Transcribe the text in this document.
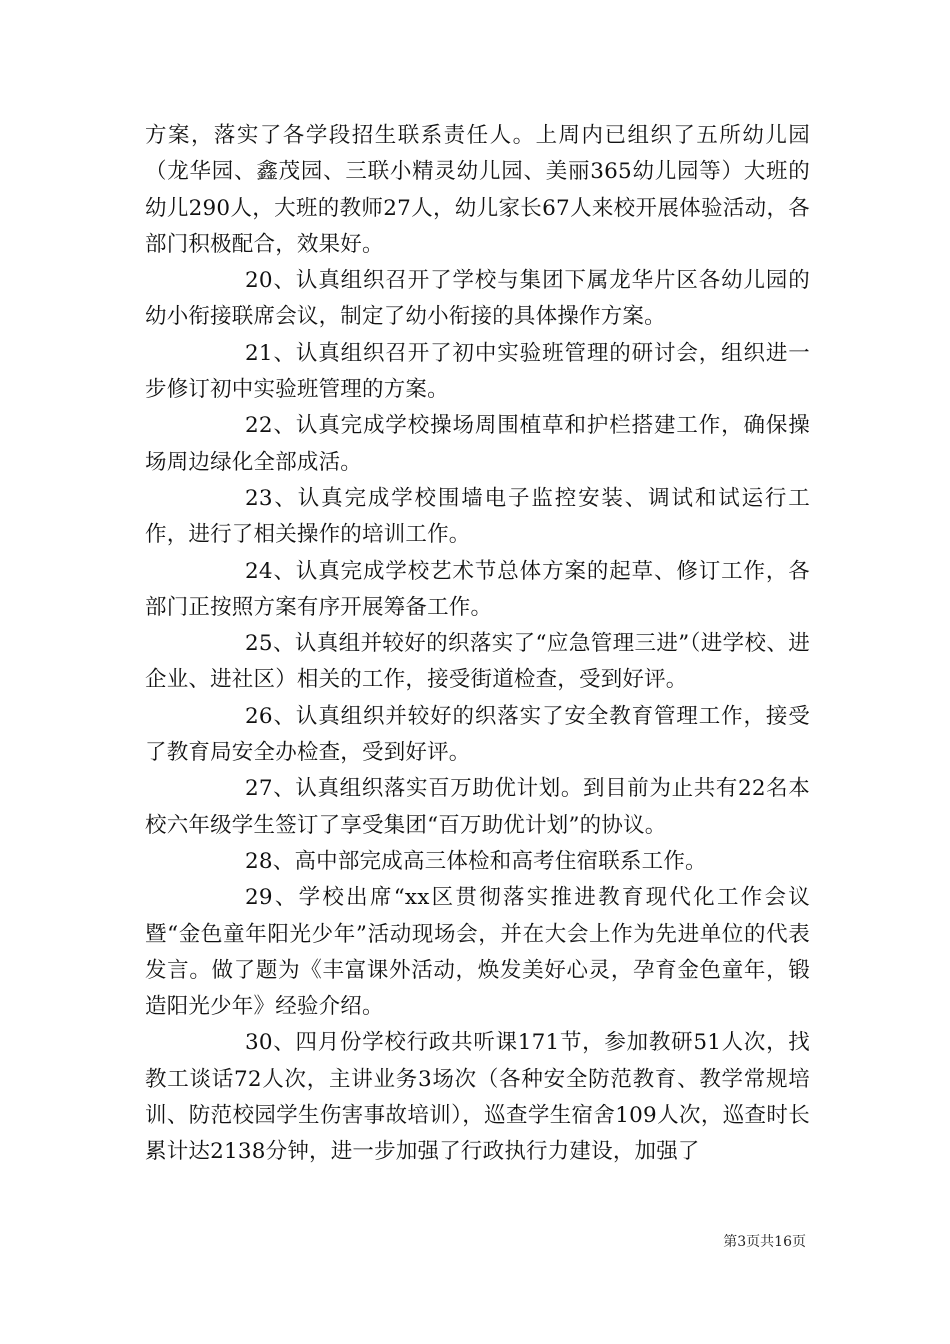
方案，落实了各学段招生联系责任人。上周内已组织了五所幼儿园（龙华园、鑫茂园、三联小精灵幼儿园、美丽365幼儿园等）大班的幼儿290人，大班的教师27人，幼儿家长67人来校开展体验活动，各部门积极配合，效果好。

20、认真组织召开了学校与集团下属龙华片区各幼儿园的幼小衔接联席会议，制定了幼小衔接的具体操作方案。

21、认真组织召开了初中实验班管理的研讨会，组织进一步修订初中实验班管理的方案。

22、认真完成学校操场周围植草和护栏搭建工作，确保操场周边绿化全部成活。

23、认真完成学校围墙电子监控安装、调试和试运行工作，进行了相关操作的培训工作。

24、认真完成学校艺术节总体方案的起草、修订工作，各部门正按照方案有序开展筹备工作。

25、认真组并较好的织落实了“应急管理三进”（进学校、进企业、进社区）相关的工作，接受街道检查，受到好评。

26、认真组织并较好的织落实了安全教育管理工作，接受了教育局安全办检查，受到好评。

27、认真组织落实百万助优计划。到目前为止共有22名本校六年级学生签订了享受集团“百万助优计划”的协议。

28、高中部完成高三体检和高考住宿联系工作。

29、学校出席“xx区贯彻落实推进教育现代化工作会议暨“金色童年阳光少年”活动现场会，并在大会上作为先进单位的代表发言。做了题为《丰富课外活动，焕发美好心灵，孕育金色童年，锻造阳光少年》经验介绍。

30、四月份学校行政共听课171节，参加教研51人次，找教工谈话72人次，主讲业务3场次（各种安全防范教育、教学常规培训、防范校园学生伤害事故培训），巡查学生宿舍109人次，巡查时长累计达2138分钟，进一步加强了行政执行力建设，加强了

第3页共16页
